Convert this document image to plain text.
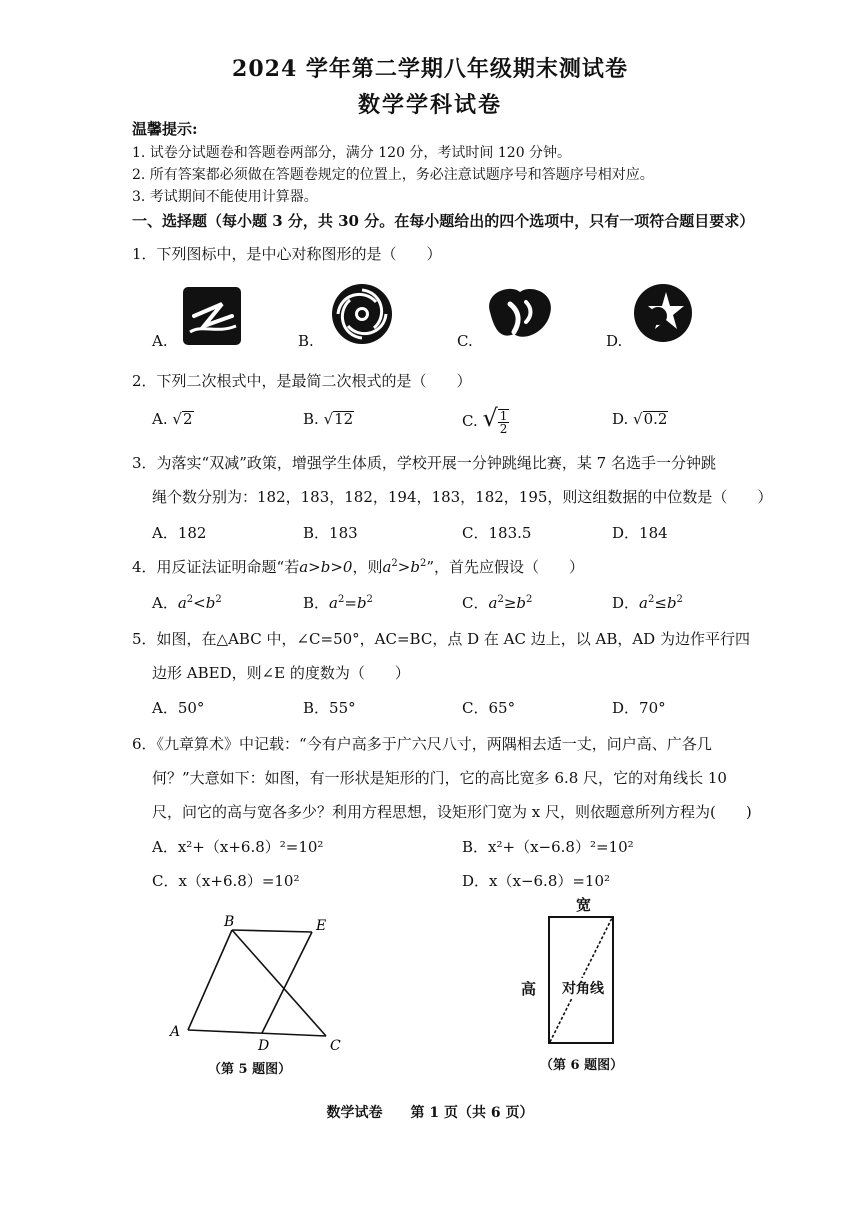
2024 学年第二学期八年级期末测试卷
数学学科试卷
温馨提示:
1. 试卷分试题卷和答题卷两部分，满分 120 分，考试时间 120 分钟。
2. 所有答案都必须做在答题卷规定的位置上，务必注意试题序号和答题序号相对应。
3. 考试期间不能使用计算器。
一、选择题（每小题 3 分，共 30 分。在每小题给出的四个选项中，只有一项符合题目要求）
1．下列图标中，是中心对称图形的是（　　）
A.	B.	C.	D.
2．下列二次根式中，是最简二次根式的是（　　）
A. √2	B. √12	C. √ $\frac{1}{2}$	D. √0.2
3．为落实“双减”政策，增强学生体质，学校开展一分钟跳绳比赛，某 7 名选手一分钟跳
绳个数分别为：182，183，182，194，183，182，195，则这组数据的中位数是（　　）
A．182	B．183	C．183.5	D．184
4．用反证法证明命题“若a>b>0，则$a^2>b^2$”，首先应假设（　　）
A．$a^2<b^2$	B．$a^2=b^2$	C．$a^2\ge b^2$	D．$a^2\le b^2$
5．如图，在△ABC 中，∠C=50°，AC=BC，点 D 在 AC 边上，以 AB，AD 为边作平行四
边形 ABED，则∠E 的度数为（　　）
A．50°	B．55°	C．65°	D．70°
6．《九章算术》中记载：“今有户高多于广六尺八寸，两隅相去适一丈，问户高、广各几
何？”大意如下：如图，有一形状是矩形的门，它的高比宽多 6.8 尺，它的对角线长 10
尺，问它的高与宽各多少？利用方程思想，设矩形门宽为 x 尺，则依题意所列方程为(　　)
A．x²+（x+6.8）²=10²	B．x²+（x−6.8）²=10²
C．x（x+6.8）=10²	D．x（x−6.8）=10²
A
B	E
D	C
（第 5 题图）
宽
高 对角线
（第 6 题图）
数学试卷　　第 1 页（共 6 页）
